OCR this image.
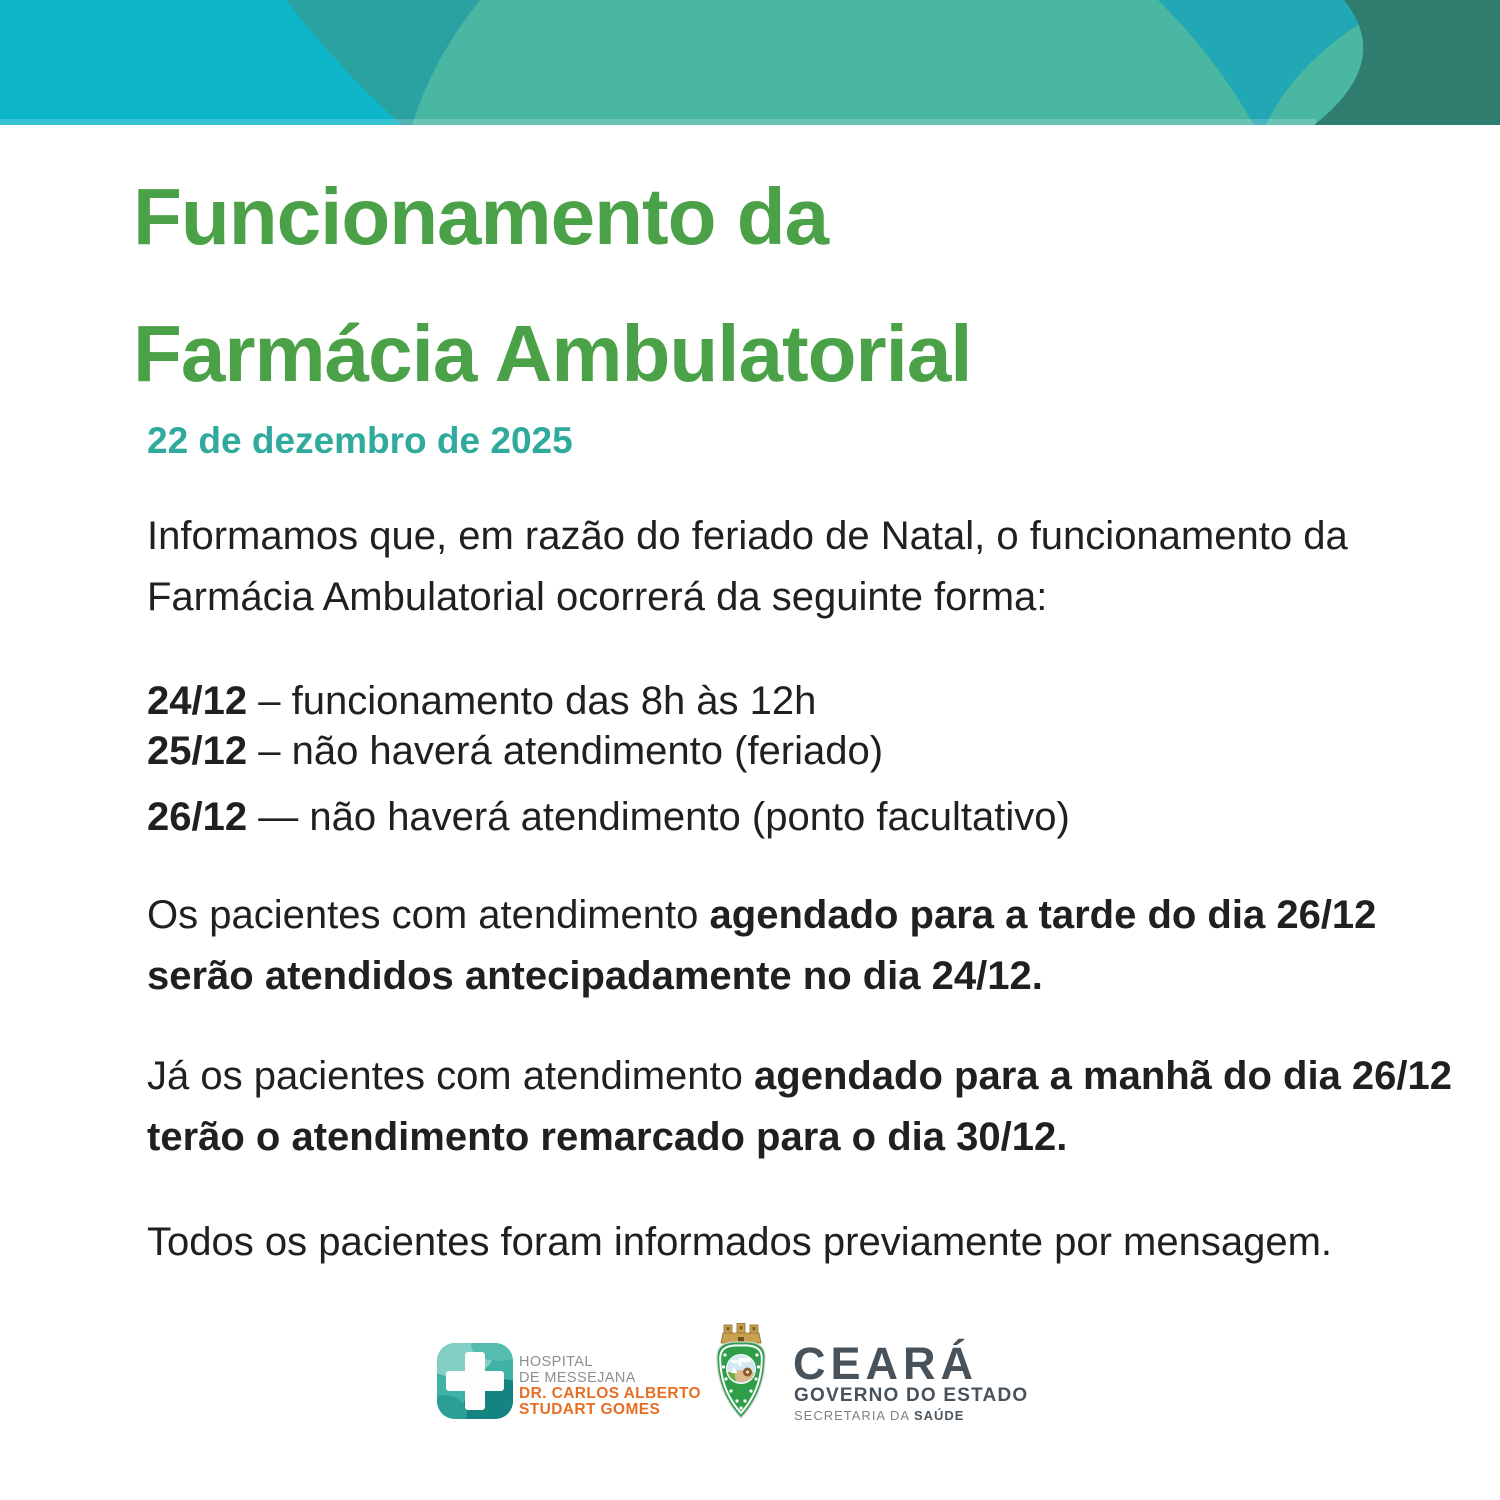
Funcionamento da
Farmácia Ambulatorial
22 de dezembro de 2025

Informamos que, em razão do feriado de Natal, o funcionamento da Farmácia Ambulatorial ocorrerá da seguinte forma:

24/12 – funcionamento das 8h às 12h
25/12 – não haverá atendimento (feriado)
26/12 — não haverá atendimento (ponto facultativo)

Os pacientes com atendimento agendado para a tarde do dia 26/12 serão atendidos antecipadamente no dia 24/12.

Já os pacientes com atendimento agendado para a manhã do dia 26/12 terão o atendimento remarcado para o dia 30/12.

Todos os pacientes foram informados previamente por mensagem.

HOSPITAL
DE MESSEJANA
DR. CARLOS ALBERTO
STUDART GOMES
CEARÁ
GOVERNO DO ESTADO
SECRETARIA DA SAÚDE
